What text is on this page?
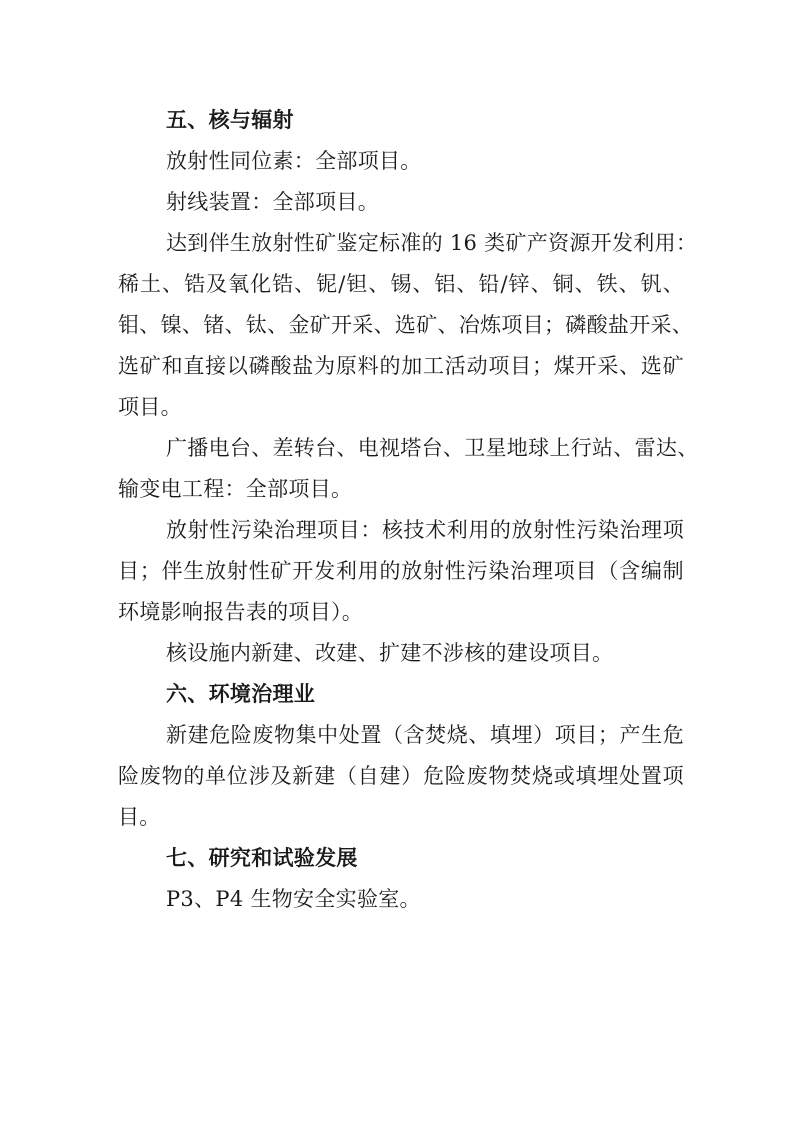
五、核与辐射
放射性同位素：全部项目。
射线装置：全部项目。
达到伴生放射性矿鉴定标准的 16 类矿产资源开发利用：
稀土、锆及氧化锆、铌/钽、锡、铝、铅/锌、铜、铁、钒、
钼、镍、锗、钛、金矿开采、选矿、冶炼项目；磷酸盐开采、
选矿和直接以磷酸盐为原料的加工活动项目；煤开采、选矿
项目。
广播电台、差转台、电视塔台、卫星地球上行站、雷达、
输变电工程：全部项目。
放射性污染治理项目：核技术利用的放射性污染治理项
目；伴生放射性矿开发利用的放射性污染治理项目（含编制
环境影响报告表的项目）。
核设施内新建、改建、扩建不涉核的建设项目。
六、环境治理业
新建危险废物集中处置（含焚烧、填埋）项目；产生危
险废物的单位涉及新建（自建）危险废物焚烧或填埋处置项
目。
七、研究和试验发展
P3、P4 生物安全实验室。
